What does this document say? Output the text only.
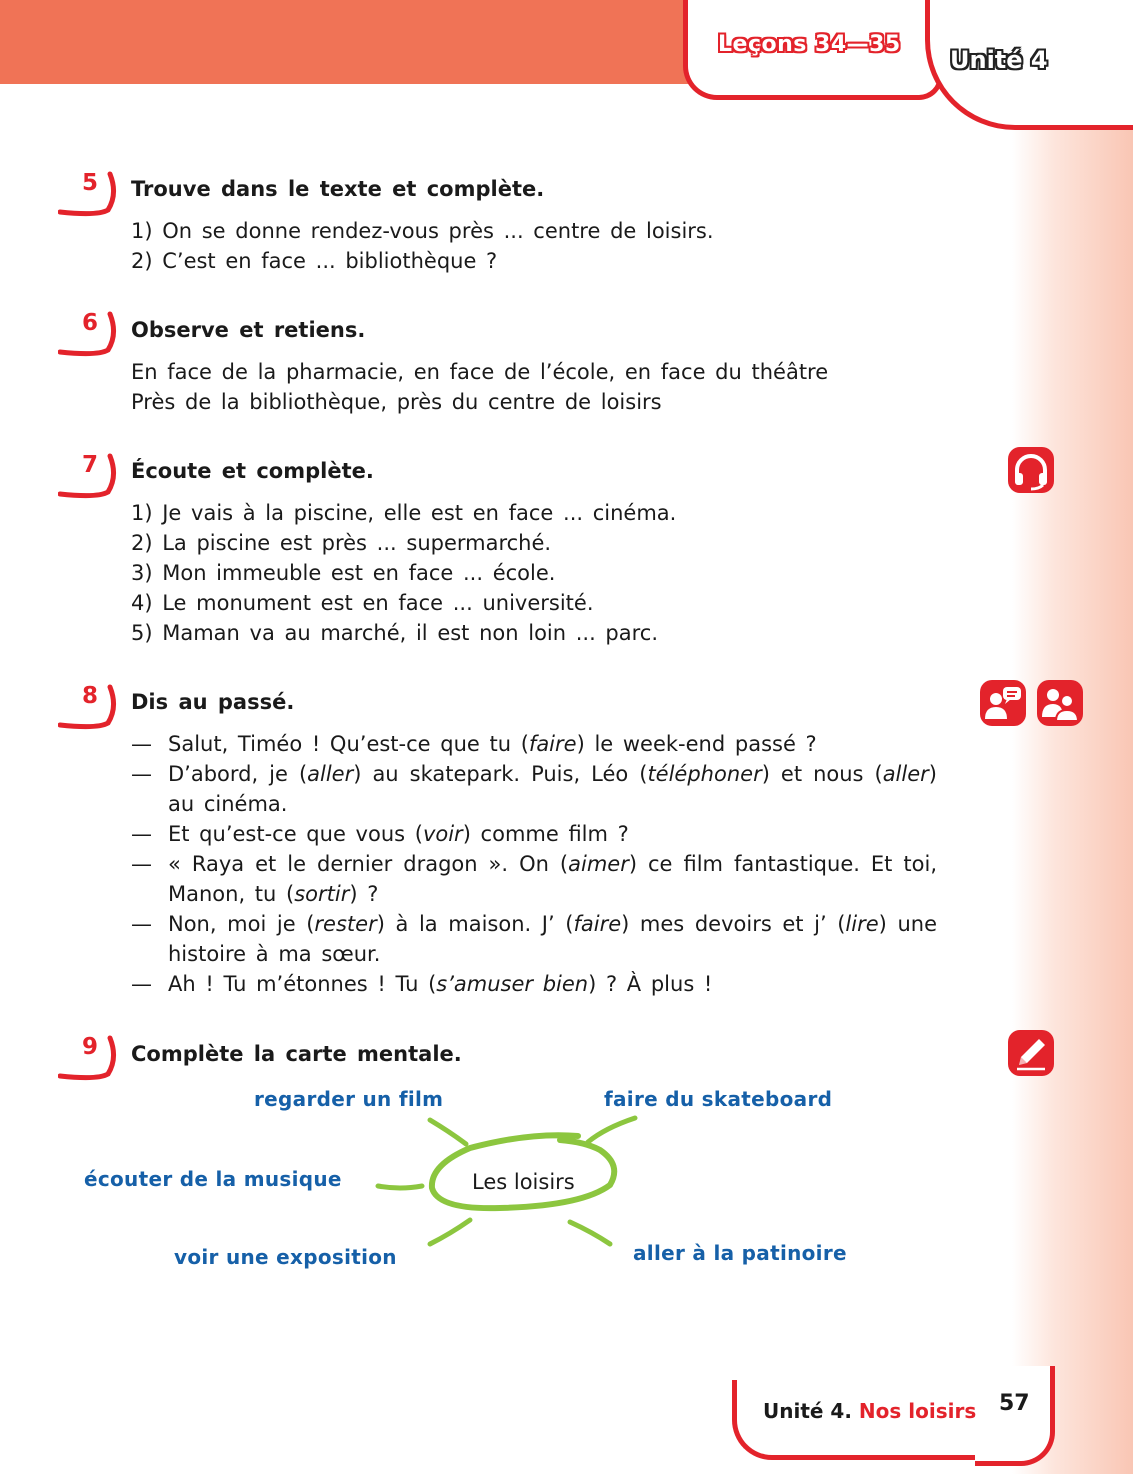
Leçons 34—35
Unité 4
5	Trouve dans le texte et complète.
1) On se donne rendez-vous près ... centre de loisirs.
2) C’est en face ... bibliothèque ?
6	Observe et retiens.
En face de la pharmacie, en face de l’école, en face du théâtre
Près de la bibliothèque, près du centre de loisirs
7	Écoute et complète.
1) Je vais à la piscine, elle est en face ... cinéma.
2) La piscine est près ... supermarché.
3) Mon immeuble est en face ... école.
4) Le monument est en face ... université.
5) Maman va au marché, il est non loin ... parc.
8	Dis au passé.
— Salut, Timéo ! Qu’est-ce que tu (faire) le week-end passé ?
— D’abord, je (aller) au skatepark. Puis, Léo (téléphoner) et nous (aller) au cinéma.
— Et qu’est-ce que vous (voir) comme film ?
— « Raya et le dernier dragon ». On (aimer) ce film fantastique. Et toi, Manon, tu (sortir) ?
— Non, moi je (rester) à la maison. J’ (faire) mes devoirs et j’ (lire) une histoire à ma sœur.
— Ah ! Tu m’étonnes ! Tu (s’amuser bien) ? À plus !
9	Complète la carte mentale.
Les loisirs
regarder un film	faire du skateboard
écouter de la musique
voir une exposition	aller à la patinoire
Unité 4. Nos loisirs 57
